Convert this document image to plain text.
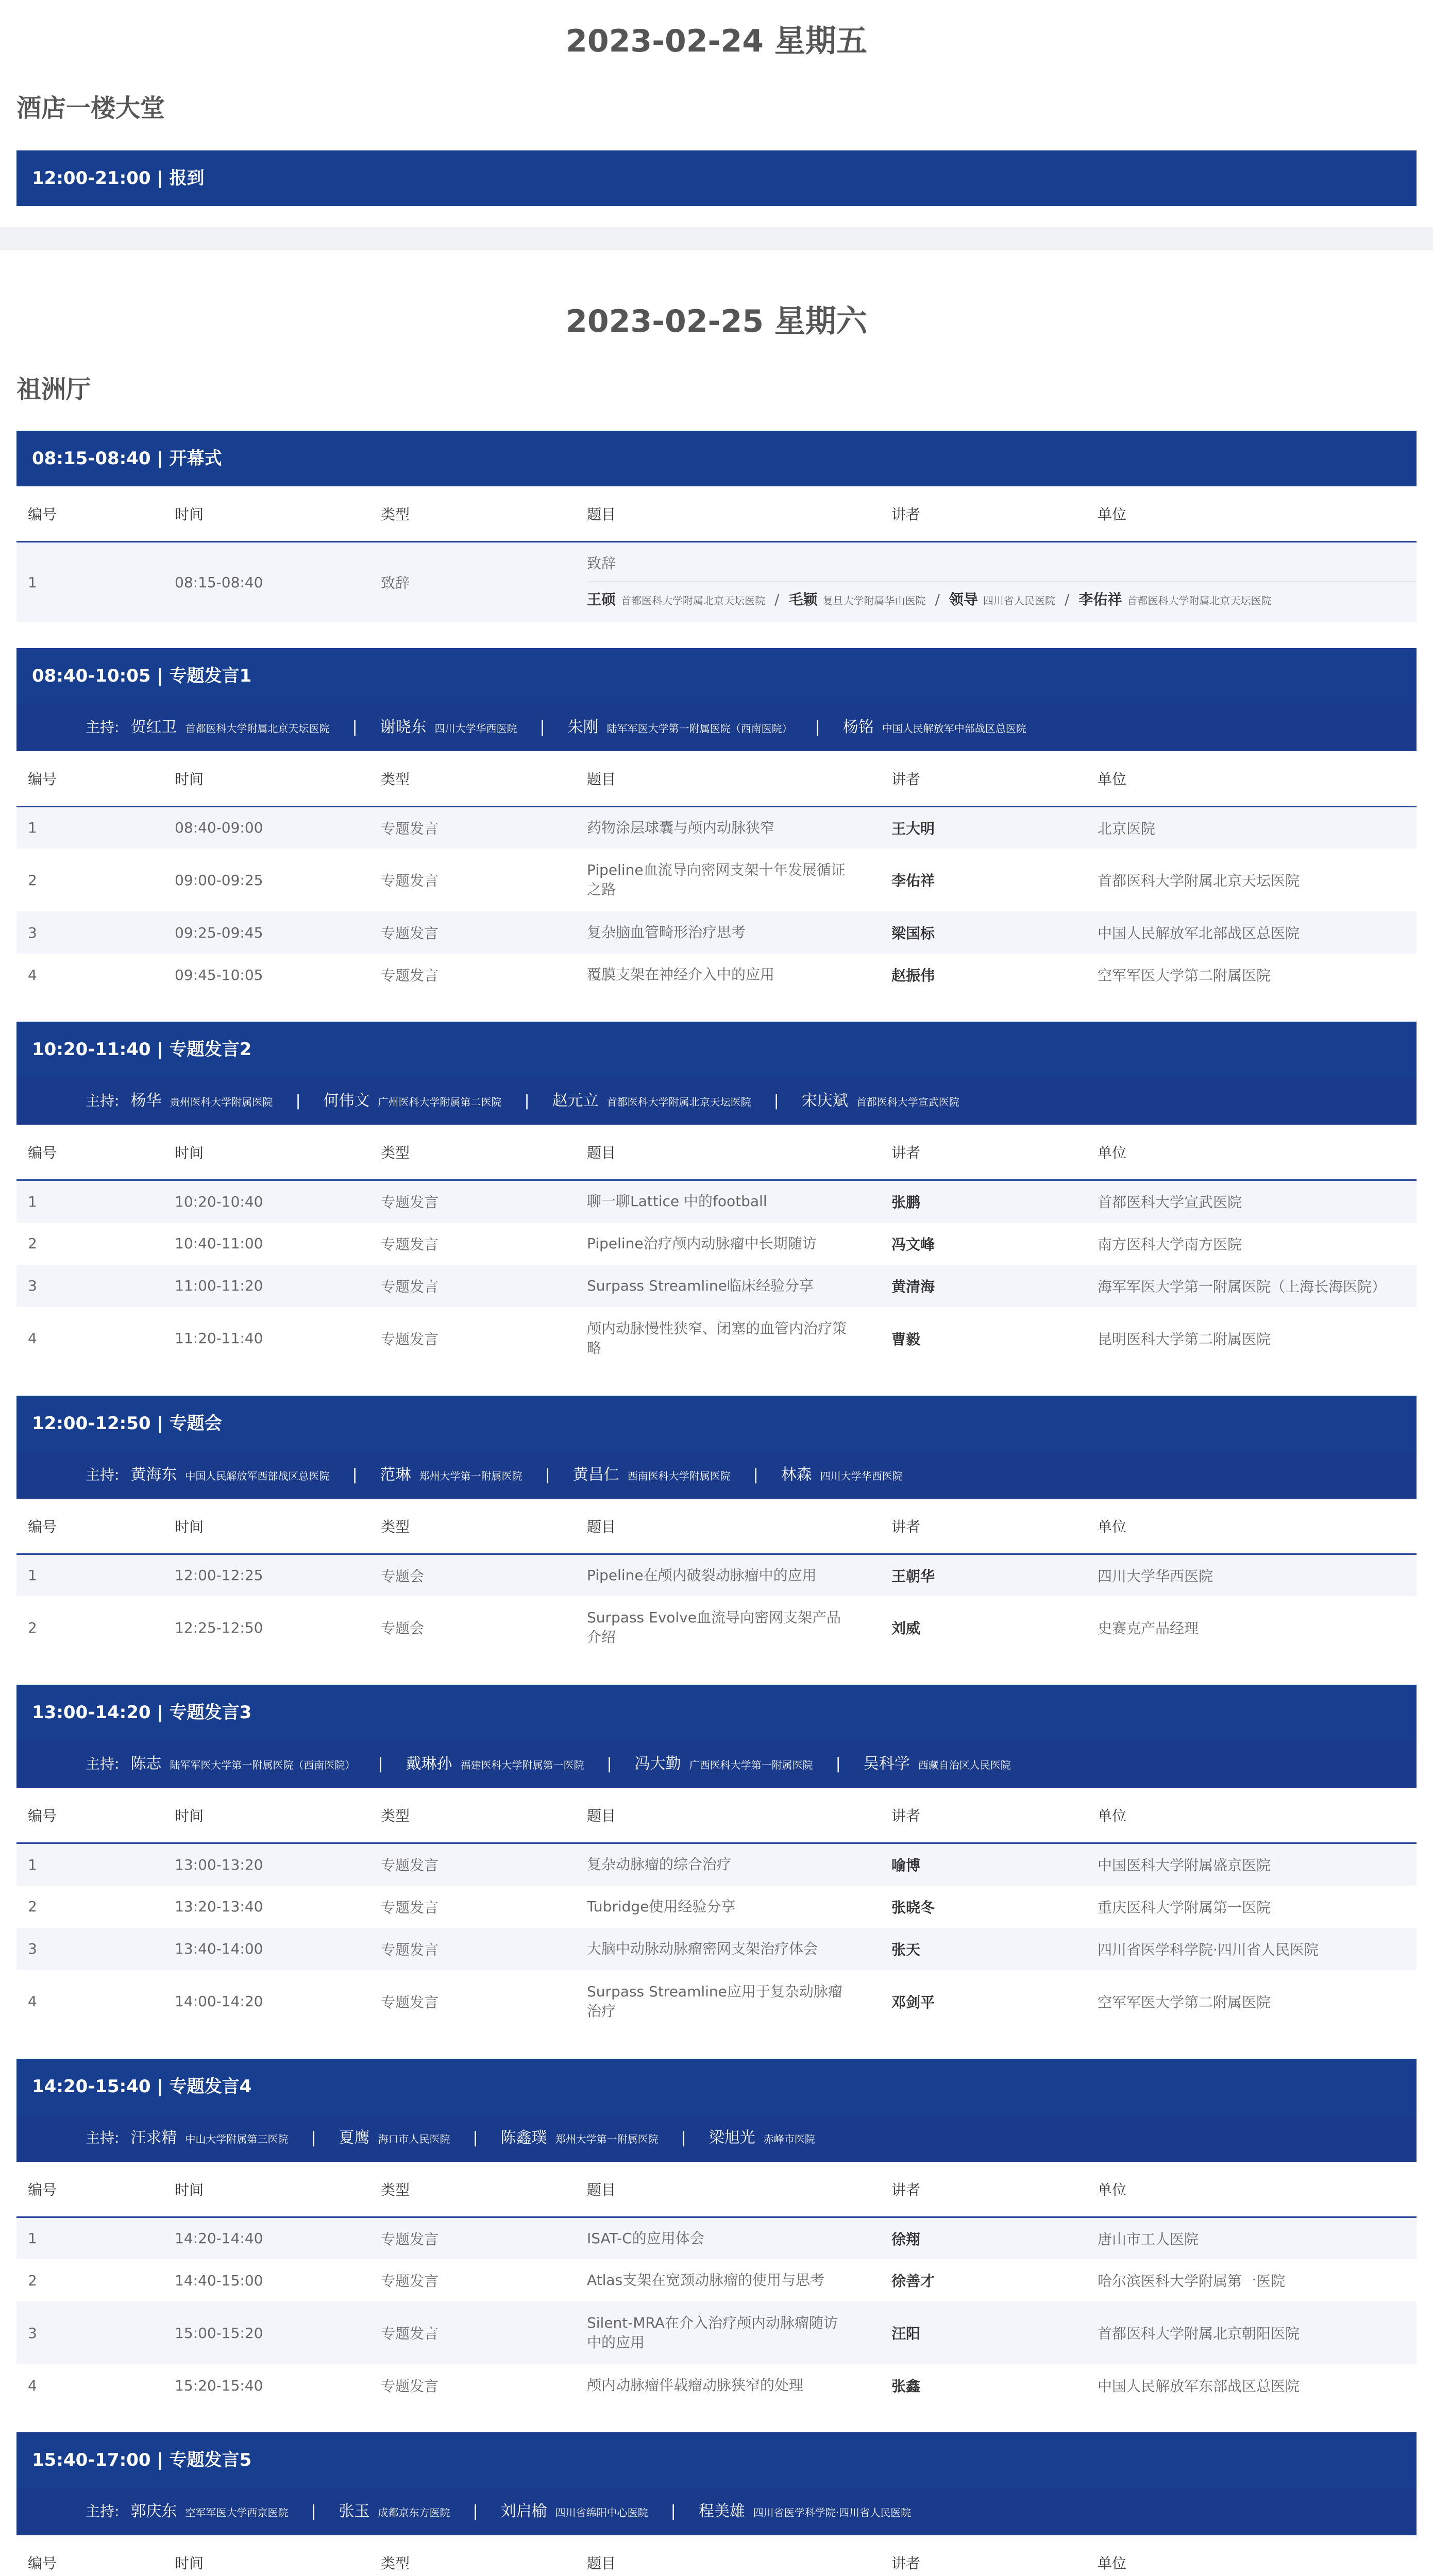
2023-02-24 星期五
酒店一楼大堂
12:00-21:00 | 报到
2023-02-25 星期六
祖洲厅
08:15-08:40 | 开幕式
编号	时间	类型	题目	讲者	单位
1	08:15-08:40	致辞	致辞
王硕 首都医科大学附属北京天坛医院 / 毛颖 复旦大学附属华山医院 / 领导 四川省人民医院 / 李佑祥 首都医科大学附属北京天坛医院		
08:40-10:05 | 专题发言1
主持: 贺红卫 首都医科大学附属北京天坛医院 | 谢晓东 四川大学华西医院 | 朱刚 陆军军医大学第一附属医院（西南医院） | 杨铭 中国人民解放军中部战区总医院
编号	时间	类型	题目	讲者	单位
1	08:40-09:00	专题发言	药物涂层球囊与颅内动脉狭窄	王大明	北京医院
2	09:00-09:25	专题发言	Pipeline血流导向密网支架十年发展循证之路	李佑祥	首都医科大学附属北京天坛医院
3	09:25-09:45	专题发言	复杂脑血管畸形治疗思考	梁国标	中国人民解放军北部战区总医院
4	09:45-10:05	专题发言	覆膜支架在神经介入中的应用	赵振伟	空军军医大学第二附属医院
10:20-11:40 | 专题发言2
主持: 杨华 贵州医科大学附属医院 | 何伟文 广州医科大学附属第二医院 | 赵元立 首都医科大学附属北京天坛医院 | 宋庆斌 首都医科大学宣武医院
编号	时间	类型	题目	讲者	单位
1	10:20-10:40	专题发言	聊一聊Lattice 中的football	张鹏	首都医科大学宣武医院
2	10:40-11:00	专题发言	Pipeline治疗颅内动脉瘤中长期随访	冯文峰	南方医科大学南方医院
3	11:00-11:20	专题发言	Surpass Streamline临床经验分享	黄清海	海军军医大学第一附属医院（上海长海医院）
4	11:20-11:40	专题发言	颅内动脉慢性狭窄、闭塞的血管内治疗策略	曹毅	昆明医科大学第二附属医院
12:00-12:50 | 专题会
主持: 黄海东 中国人民解放军西部战区总医院 | 范琳 郑州大学第一附属医院 | 黄昌仁 西南医科大学附属医院 | 林森 四川大学华西医院
编号	时间	类型	题目	讲者	单位
1	12:00-12:25	专题会	Pipeline在颅内破裂动脉瘤中的应用	王朝华	四川大学华西医院
2	12:25-12:50	专题会	Surpass Evolve血流导向密网支架产品介绍	刘威	史赛克产品经理
13:00-14:20 | 专题发言3
主持: 陈志 陆军军医大学第一附属医院（西南医院） | 戴琳孙 福建医科大学附属第一医院 | 冯大勤 广西医科大学第一附属医院 | 吴科学 西藏自治区人民医院
编号	时间	类型	题目	讲者	单位
1	13:00-13:20	专题发言	复杂动脉瘤的综合治疗	喻博	中国医科大学附属盛京医院
2	13:20-13:40	专题发言	Tubridge使用经验分享	张晓冬	重庆医科大学附属第一医院
3	13:40-14:00	专题发言	大脑中动脉动脉瘤密网支架治疗体会	张天	四川省医学科学院·四川省人民医院
4	14:00-14:20	专题发言	Surpass Streamline应用于复杂动脉瘤治疗	邓剑平	空军军医大学第二附属医院
14:20-15:40 | 专题发言4
主持: 汪求精 中山大学附属第三医院 | 夏鹰 海口市人民医院 | 陈鑫璞 郑州大学第一附属医院 | 梁旭光 赤峰市医院
编号	时间	类型	题目	讲者	单位
1	14:20-14:40	专题发言	ISAT-C的应用体会	徐翔	唐山市工人医院
2	14:40-15:00	专题发言	Atlas支架在宽颈动脉瘤的使用与思考	徐善才	哈尔滨医科大学附属第一医院
3	15:00-15:20	专题发言	Silent-MRA在介入治疗颅内动脉瘤随访中的应用	汪阳	首都医科大学附属北京朝阳医院
4	15:20-15:40	专题发言	颅内动脉瘤伴载瘤动脉狭窄的处理	张鑫	中国人民解放军东部战区总医院
15:40-17:00 | 专题发言5
主持: 郭庆东 空军军医大学西京医院 | 张玉 成都京东方医院 | 刘启榆 四川省绵阳中心医院 | 程美雄 四川省医学科学院·四川省人民医院
编号	时间	类型	题目	讲者	单位
